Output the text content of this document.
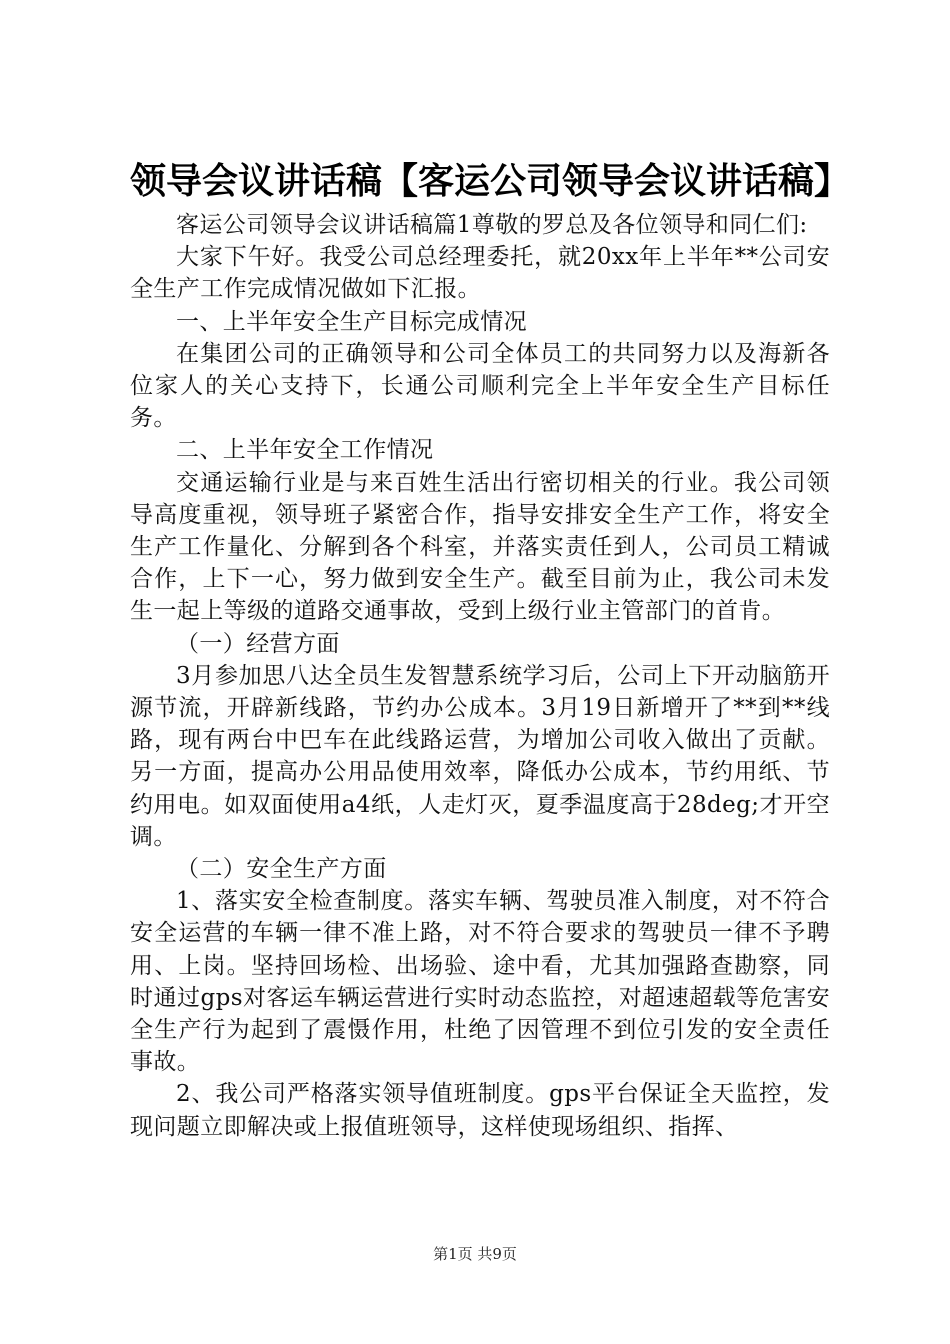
领导会议讲话稿【客运公司领导会议讲话稿】

客运公司领导会议讲话稿篇1尊敬的罗总及各位领导和同仁们:

大家下午好。我受公司总经理委托，就20xx年上半年**公司安全生产工作完成情况做如下汇报。

一、上半年安全生产目标完成情况

在集团公司的正确领导和公司全体员工的共同努力以及海新各位家人的关心支持下，长通公司顺利完全上半年安全生产目标任务。

二、上半年安全工作情况

交通运输行业是与来百姓生活出行密切相关的行业。我公司领导高度重视，领导班子紧密合作，指导安排安全生产工作，将安全生产工作量化、分解到各个科室，并落实责任到人，公司员工精诚合作，上下一心，努力做到安全生产。截至目前为止，我公司未发生一起上等级的道路交通事故，受到上级行业主管部门的首肯。

（一）经营方面

3月参加思八达全员生发智慧系统学习后，公司上下开动脑筋开源节流，开辟新线路，节约办公成本。3月19日新增开了**到**线路，现有两台中巴车在此线路运营，为增加公司收入做出了贡献。另一方面，提高办公用品使用效率，降低办公成本，节约用纸、节约用电。如双面使用a4纸，人走灯灭，夏季温度高于28deg;才开空调。

（二）安全生产方面

1、落实安全检查制度。落实车辆、驾驶员准入制度，对不符合安全运营的车辆一律不准上路，对不符合要求的驾驶员一律不予聘用、上岗。坚持回场检、出场验、途中看，尤其加强路查勘察，同时通过gps对客运车辆运营进行实时动态监控，对超速超载等危害安全生产行为起到了震慑作用，杜绝了因管理不到位引发的安全责任事故。

2、我公司严格落实领导值班制度。gps平台保证全天监控，发现问题立即解决或上报值班领导，这样使现场组织、指挥、

第1页 共9页
